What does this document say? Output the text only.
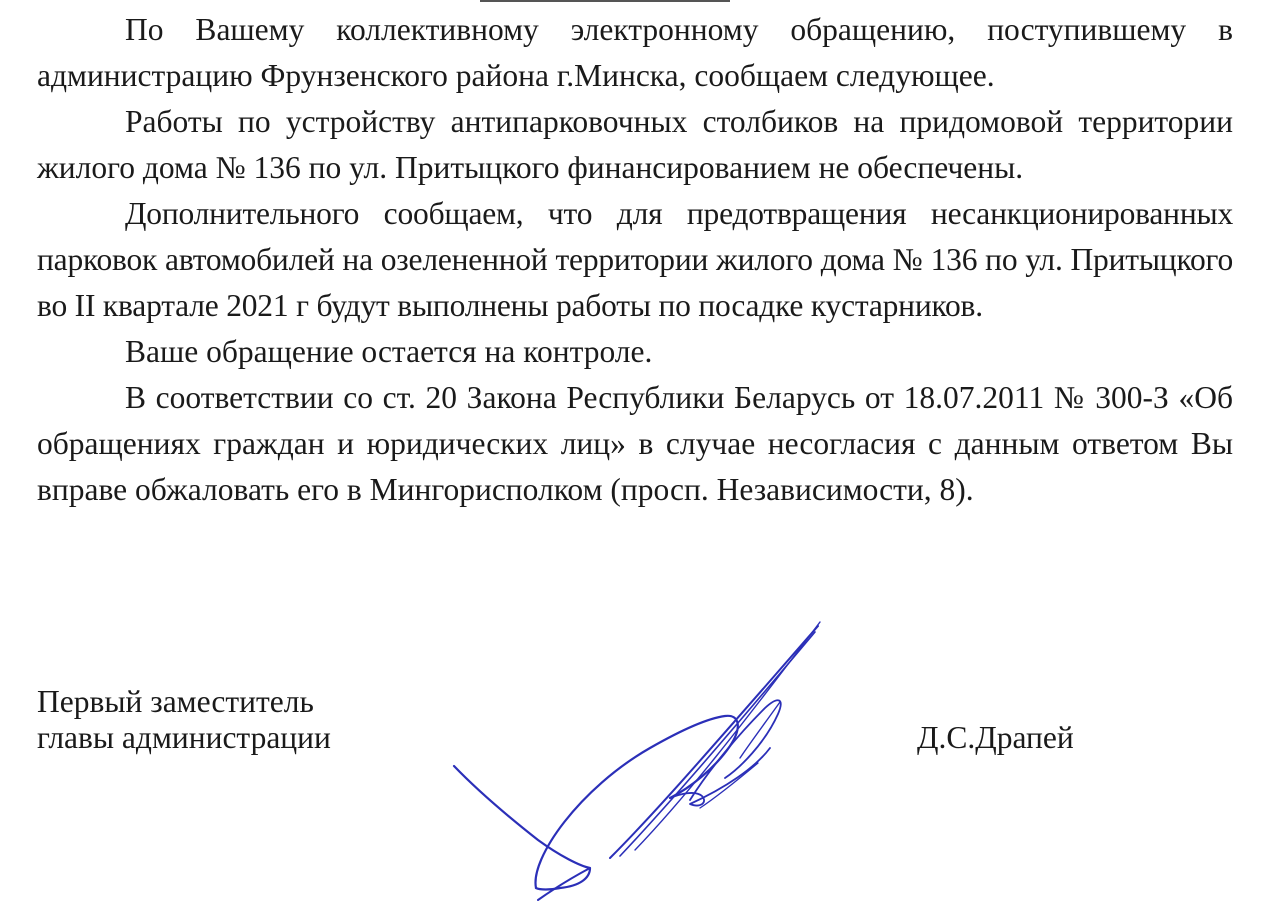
По Вашему коллективному электронному обращению, поступившему в администрацию Фрунзенского района г.Минска, сообщаем следующее.

Работы по устройству антипарковочных столбиков на придомовой территории жилого дома № 136 по ул. Притыцкого финансированием не обеспечены.

Дополнительного сообщаем, что для предотвращения несанкционированных парковок автомобилей на озелененной территории жилого дома № 136 по ул. Притыцкого во II квартале 2021 г будут выполнены работы по посадке кустарников.

Ваше обращение остается на контроле.

В соответствии со ст. 20 Закона Республики Беларусь от 18.07.2011 № 300-З «Об обращениях граждан и юридических лиц» в случае несогласия с данным ответом Вы вправе обжаловать его в Мингорисполком (просп. Независимости, 8).

Первый заместитель
главы администрации	Д.С.Драпей
